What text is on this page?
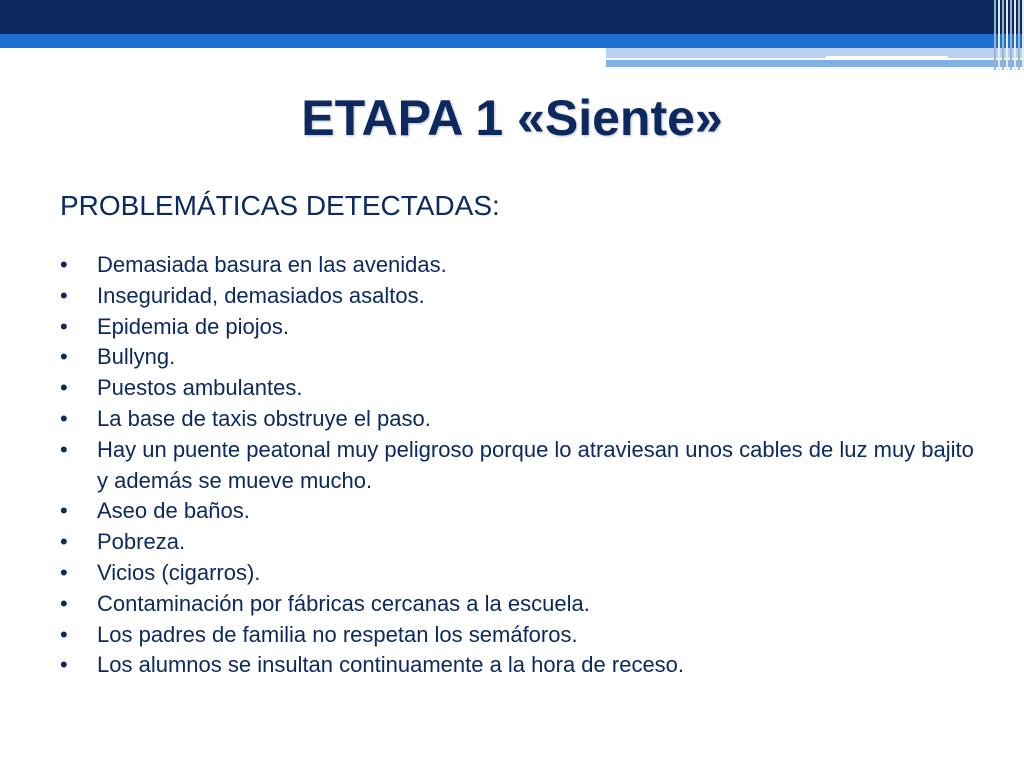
ETAPA 1 «Siente»
PROBLEMÁTICAS DETECTADAS:
•	Demasiada basura en las avenidas.
•	Inseguridad, demasiados asaltos.
•	Epidemia de piojos.
•	Bullyng.
•	Puestos ambulantes.
•	La base de taxis obstruye el paso.
•	Hay un puente peatonal muy peligroso porque lo atraviesan unos cables de luz muy bajito y además se mueve mucho.
•	Aseo de baños.
•	Pobreza.
•	Vicios (cigarros).
•	Contaminación por fábricas cercanas a la escuela.
•	Los padres de familia no respetan los semáforos.
•	Los alumnos se insultan continuamente a la hora de receso.
